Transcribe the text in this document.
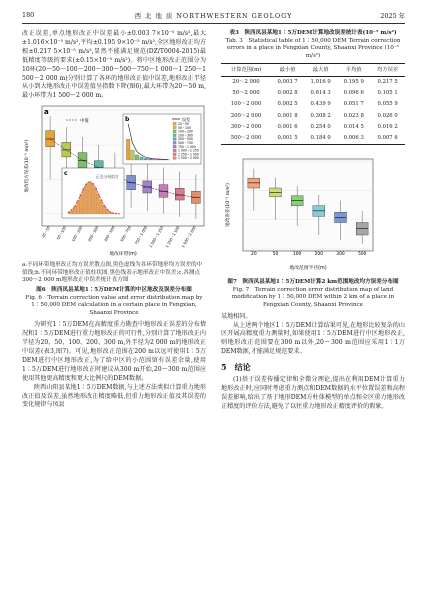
180	西 北 地 质 NORTHWESTERN GEOLOGY	2025 年

改正误差,单点地形改正中误差最小±0.003 7×10⁻⁵ m/s²,最大±1.016×10⁻⁵ m/s²,平均±0.195 9×10⁻⁵ m/s²,全区地形改正均方根±0.217 5×10⁻⁵ m/s²,显然不能满足规范(DZ/T0004-2015)最低精度等级的要求(±0.15×10⁻⁵ m/s²)。将中区地形改正范围分为10环(20～50～100～200～300～500～750～1 000～1 250～1 500～2 000 m)分别计算了各环的地形改正值中误差,地形改正半径从小到大地形改正中误差值呈指数下降(图6),最大环带为20～50 m,最小环带为1 500～2 000 m。

20～50 50～100 100～200 200～300 300～500 500～750 750～1 000 1 000～1 250 1 250～1 500 1 500～2 000
a
地改均方误差(10⁻⁵ m/s²)
地改环带(m)
中值	b	误差
20～50
50～100
100～200
200～300
300～500
500～750
750～1 000
1 000～1 250
1 250～1 500
1 500～2 000
c	正态分布拟合

a.不同环带地形改正均方误差散点图,黑色虚线为各环带地形均方误差的中值线;b.不同环带地形改正值柱状图,黑色线表示地形改正中误差;c.各测点300～2 000 m地形改正中误差统计直方图

图6　陕西凤县某地1∶5万DEM计算的中区地改及误差分布图

Fig. 6　Terrain correction value and error distribution map by 1∶50,000 DEM calculation in a certain place in Fengxian, Shaanxi Province

为研究1∶5万DEM在高精度重力勘查中地形改正误差的分布情况和1∶5万DEM进行重力地形改正的可行性,分别计算了地形改正内半径为20、50、100、200、300 m,外半径为2 000 m的地形改正中误差(表3,图7)。可见,地形改正范围在200 m以远可使用1∶5万DEM进行中区地形改正,为了给中区的小范围留有误差余量,使用1∶5万DEM进行地形改正时建议从300 m开始,20～300 m范围应使用其他更高精度和更大比例尺的DEM数据。

陕西山阳县某地1∶5万DEM数据,与上述方法类似计算重力地形改正值及误差,虽然地形改正精度略低,但重力地形改正值及其误差的变化规律与凤县

表3　陕西凤县某地1∶5万DEM计算地改误差统计表(10⁻⁵ m/s²)

Tab. 3　Statistical table of 1∶50,000 DEM Terrain correction errors in a place in Fengxian County, Shaanxi Province (10⁻⁵ m/s²)

计算范围(m)	最小值	最大值	平均值	均方误差
20～2 000	0.003 7	1.016 0	0.195 9	0.217 5
50～2 000	0.002 8	0.614 3	0.096 6	0.105 1
100～2 000	0.002 5	0.439 9	0.051 7	0.055 9
200～2 000	0.001 8	0.308 2	0.023 8	0.026 0
300～2 000	0.001 6	0.254 0	0.014 5	0.016 2
500～2 000	0.001 5	0.184 0	0.006 3	0.007 6
20	50	100	200	300	500
地改误差(10⁻⁵ m/s²)
地改范围半径(m)

图7　陕西凤县某地1∶5万DEM计算2 km范围地改均方误差分布图

Fig. 7　Terrain correction error distribution map of land modification by 1∶50,000 DEM within 2 km of a place in Fengxian County, Shaanxi Province

某地相同。

从上述两个地区1∶5万DEM计算结果可见,在地形比较复杂的山区开展高精度重力测量时,如果使用1∶5万DEM进行中区地形改正,则地形改正范围要在300 m以外,20～300 m范围应采用1∶1万DEM数据,才能满足规范要求。

5　结论

(1)基于误差传播定律和全微分理论,提出在利用DEM计算重力地形改正时,应同时考虑重力测点和DEM数据的水平位置误差和高程误差影响,给出了基于地形DEM方柱体模型的单点和全区重力地形改正精度的评价方法,避免了以往重力地形改正精度评价的假象。
